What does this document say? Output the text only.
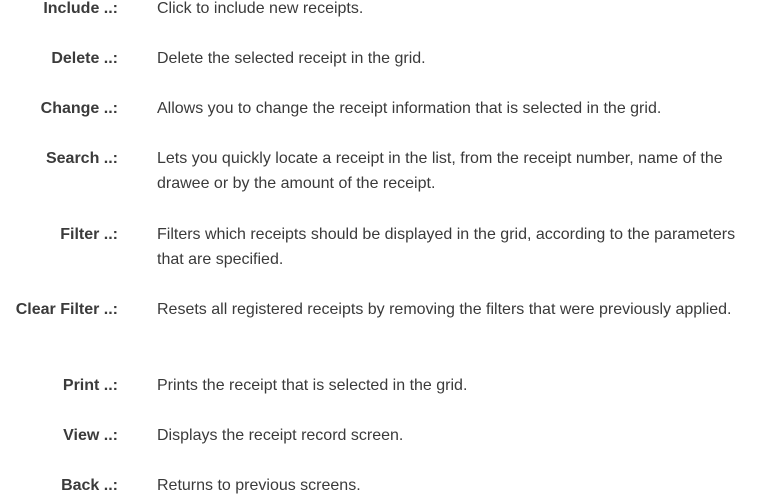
Include ..: Click to include new receipts.
Delete ..: Delete the selected receipt in the grid.
Change ..: Allows you to change the receipt information that is selected in the grid.
Search ..: Lets you quickly locate a receipt in the list, from the receipt number, name of the drawee or by the amount of the receipt.
Filter ..: Filters which receipts should be displayed in the grid, according to the parameters that are specified.
Clear Filter ..: Resets all registered receipts by removing the filters that were previously applied.
Print ..: Prints the receipt that is selected in the grid.
View ..: Displays the receipt record screen.
Back ..: Returns to previous screens.
